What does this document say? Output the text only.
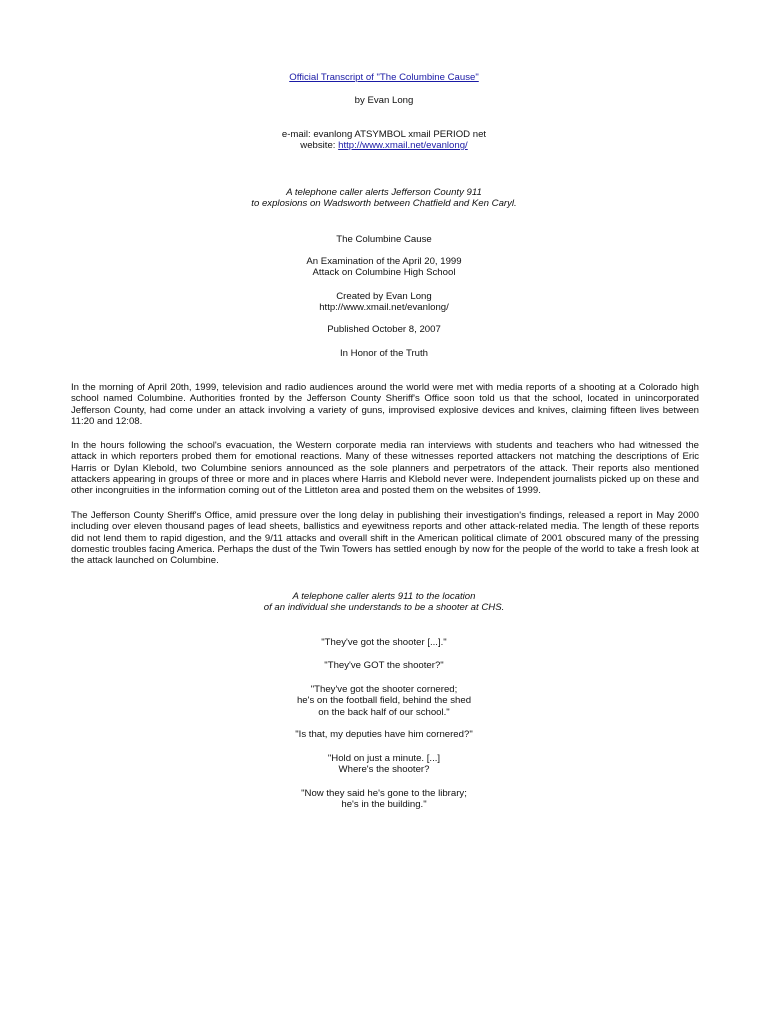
Official Transcript of "The Columbine Cause"
by Evan Long
e-mail: evanlong ATSYMBOL xmail PERIOD net
website: http://www.xmail.net/evanlong/
A telephone caller alerts Jefferson County 911
to explosions on Wadsworth between Chatfield and Ken Caryl.
The Columbine Cause
An Examination of the April 20, 1999
Attack on Columbine High School
Created by Evan Long
http://www.xmail.net/evanlong/
Published October 8, 2007
In Honor of the Truth
In the morning of April 20th, 1999, television and radio audiences around the world were met with media reports of a shooting at a Colorado high school named Columbine. Authorities fronted by the Jefferson County Sheriff's Office soon told us that the school, located in unincorporated Jefferson County, had come under an attack involving a variety of guns, improvised explosive devices and knives, claiming fifteen lives between 11:20 and 12:08.
In the hours following the school's evacuation, the Western corporate media ran interviews with students and teachers who had witnessed the attack in which reporters probed them for emotional reactions. Many of these witnesses reported attackers not matching the descriptions of Eric Harris or Dylan Klebold, two Columbine seniors announced as the sole planners and perpetrators of the attack. Their reports also mentioned attackers appearing in groups of three or more and in places where Harris and Klebold never were. Independent journalists picked up on these and other incongruities in the information coming out of the Littleton area and posted them on the websites of 1999.
The Jefferson County Sheriff's Office, amid pressure over the long delay in publishing their investigation's findings, released a report in May 2000 including over eleven thousand pages of lead sheets, ballistics and eyewitness reports and other attack-related media. The length of these reports did not lend them to rapid digestion, and the 9/11 attacks and overall shift in the American political climate of 2001 obscured many of the pressing domestic troubles facing America. Perhaps the dust of the Twin Towers has settled enough by now for the people of the world to take a fresh look at the attack launched on Columbine.
A telephone caller alerts 911 to the location
of an individual she understands to be a shooter at CHS.
"They've got the shooter [...]."
"They've GOT the shooter?"
"They've got the shooter cornered;
he's on the football field, behind the shed
on the back half of our school."
"Is that, my deputies have him cornered?"
"Hold on just a minute. [...]
Where's the shooter?
"Now they said he's gone to the library;
he's in the building."
